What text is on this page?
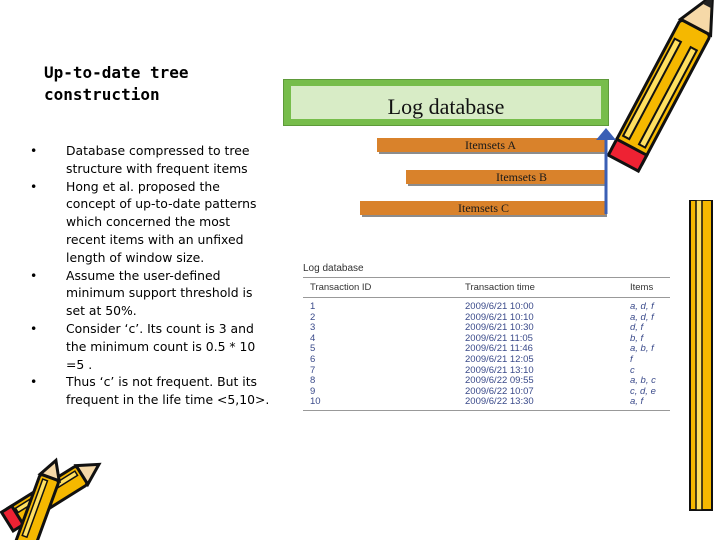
Up-to-date tree construction
• Database compressed to tree structure with frequent items
• Hong et al. proposed the concept of up-to-date patterns which concerned the most recent items with an unfixed length of window size.
• Assume the user-defined minimum support threshold is set at 50%.
• Consider ‘c’. Its count is 3 and the minimum count is 0.5 * 10 =5 .
• Thus ‘c’ is not frequent. But its frequent in the life time <5,10>.
Log database
Itemsets A
Itemsets B
Itemsets C
Log database
Transaction ID	Transaction time	Items
1	2009/6/21 10:00	a, d, f
2	2009/6/21 10:10	a, d, f
3	2009/6/21 10:30	d, f
4	2009/6/21 11:05	b, f
5	2009/6/21 11:46	a, b, f
6	2009/6/21 12:05	f
7	2009/6/21 13:10	c
8	2009/6/22 09:55	a, b, c
9	2009/6/22 10:07	c, d, e
10	2009/6/22 13:30	a, f
